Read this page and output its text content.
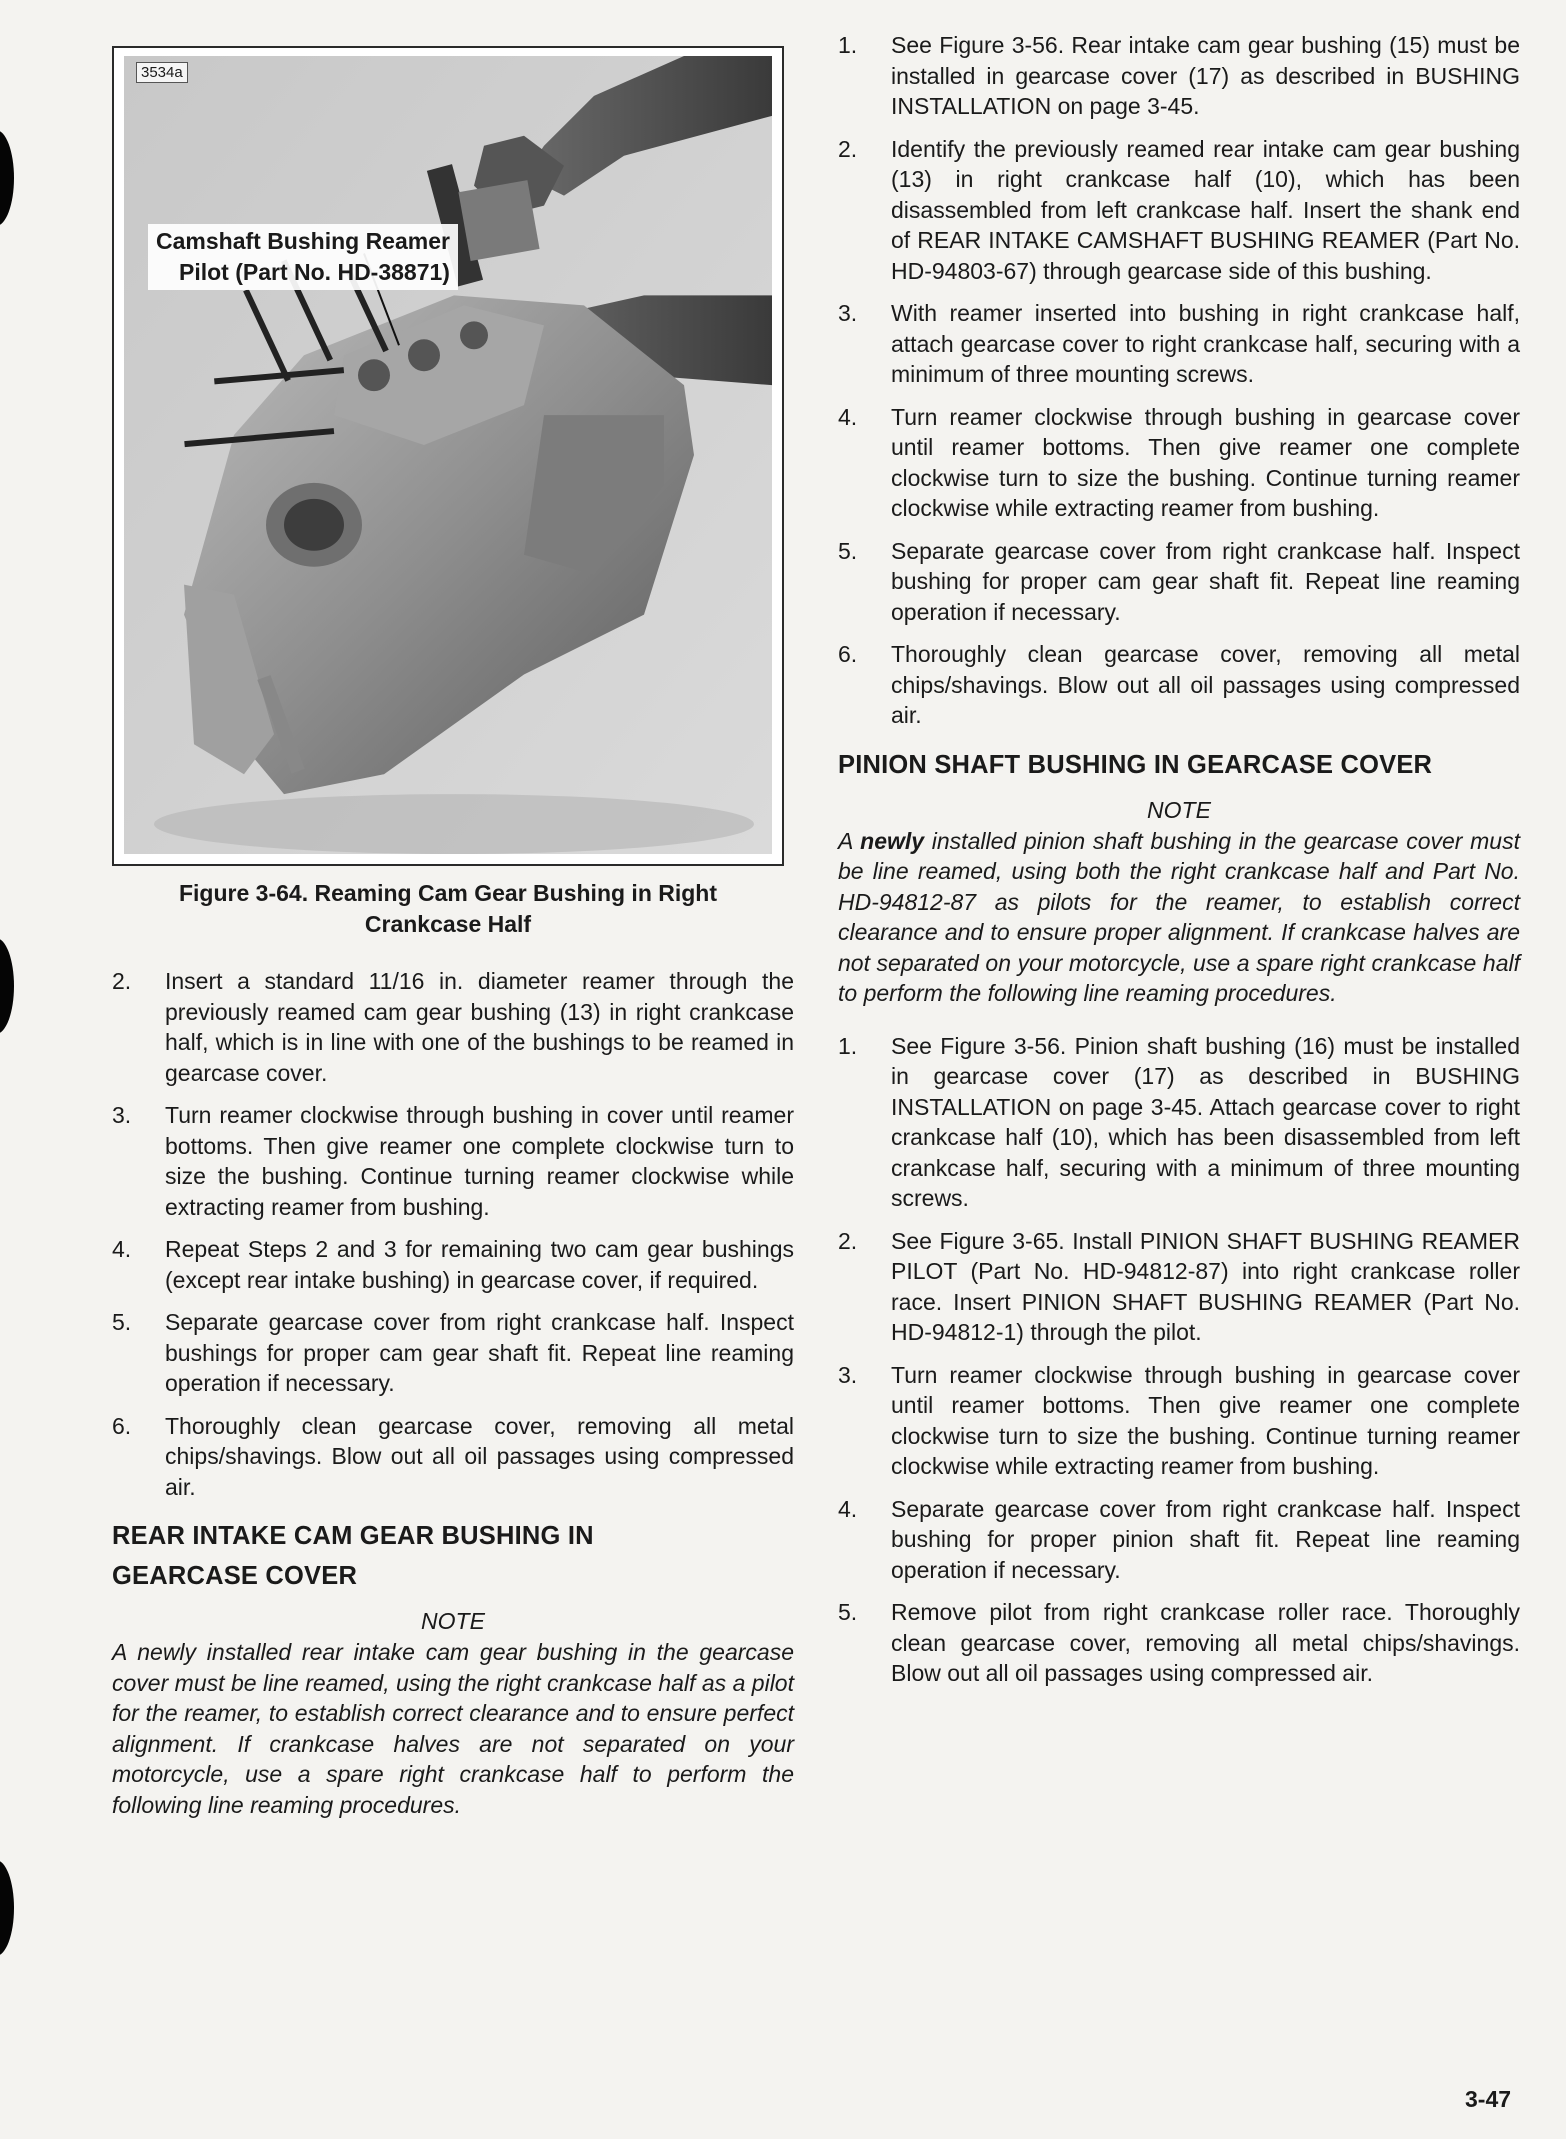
3534a
Camshaft Bushing Reamer
Pilot (Part No. HD-38871)
Figure 3-64. Reaming Cam Gear Bushing in Right
Crankcase Half
2. Insert a standard 11/16 in. diameter reamer through the previously reamed cam gear bushing (13) in right crankcase half, which is in line with one of the bushings to be reamed in gearcase cover.
3. Turn reamer clockwise through bushing in cover until reamer bottoms. Then give reamer one complete clockwise turn to size the bushing. Continue turning reamer clockwise while extracting reamer from bushing.
4. Repeat Steps 2 and 3 for remaining two cam gear bushings (except rear intake bushing) in gearcase cover, if required.
5. Separate gearcase cover from right crankcase half. Inspect bushings for proper cam gear shaft fit. Repeat line reaming operation if necessary.
6. Thoroughly clean gearcase cover, removing all metal chips/shavings. Blow out all oil passages using compressed air.
REAR INTAKE CAM GEAR BUSHING IN
GEARCASE COVER
NOTE
A newly installed rear intake cam gear bushing in the gearcase cover must be line reamed, using the right crankcase half as a pilot for the reamer, to establish correct clearance and to ensure perfect alignment. If crankcase halves are not separated on your motorcycle, use a spare right crankcase half to perform the following line reaming procedures.
1. See Figure 3-56. Rear intake cam gear bushing (15) must be installed in gearcase cover (17) as described in BUSHING INSTALLATION on page 3-45.
2. Identify the previously reamed rear intake cam gear bushing (13) in right crankcase half (10), which has been disassembled from left crankcase half. Insert the shank end of REAR INTAKE CAMSHAFT BUSHING REAMER (Part No. HD-94803-67) through gearcase side of this bushing.
3. With reamer inserted into bushing in right crankcase half, attach gearcase cover to right crankcase half, securing with a minimum of three mounting screws.
4. Turn reamer clockwise through bushing in gearcase cover until reamer bottoms. Then give reamer one complete clockwise turn to size the bushing. Continue turning reamer clockwise while extracting reamer from bushing.
5. Separate gearcase cover from right crankcase half. Inspect bushing for proper cam gear shaft fit. Repeat line reaming operation if necessary.
6. Thoroughly clean gearcase cover, removing all metal chips/shavings. Blow out all oil passages using compressed air.
PINION SHAFT BUSHING IN GEARCASE COVER
NOTE
A newly installed pinion shaft bushing in the gearcase cover must be line reamed, using both the right crankcase half and Part No. HD-94812-87 as pilots for the reamer, to establish correct clearance and to ensure proper alignment. If crankcase halves are not separated on your motorcycle, use a spare right crankcase half to perform the following line reaming procedures.
1. See Figure 3-56. Pinion shaft bushing (16) must be installed in gearcase cover (17) as described in BUSHING INSTALLATION on page 3-45. Attach gearcase cover to right crankcase half (10), which has been disassembled from left crankcase half, securing with a minimum of three mounting screws.
2. See Figure 3-65. Install PINION SHAFT BUSHING REAMER PILOT (Part No. HD-94812-87) into right crankcase roller race. Insert PINION SHAFT BUSHING REAMER (Part No. HD-94812-1) through the pilot.
3. Turn reamer clockwise through bushing in gearcase cover until reamer bottoms. Then give reamer one complete clockwise turn to size the bushing. Continue turning reamer clockwise while extracting reamer from bushing.
4. Separate gearcase cover from right crankcase half. Inspect bushing for proper pinion shaft fit. Repeat line reaming operation if necessary.
5. Remove pilot from right crankcase roller race. Thoroughly clean gearcase cover, removing all metal chips/shavings. Blow out all oil passages using compressed air.
3-47
